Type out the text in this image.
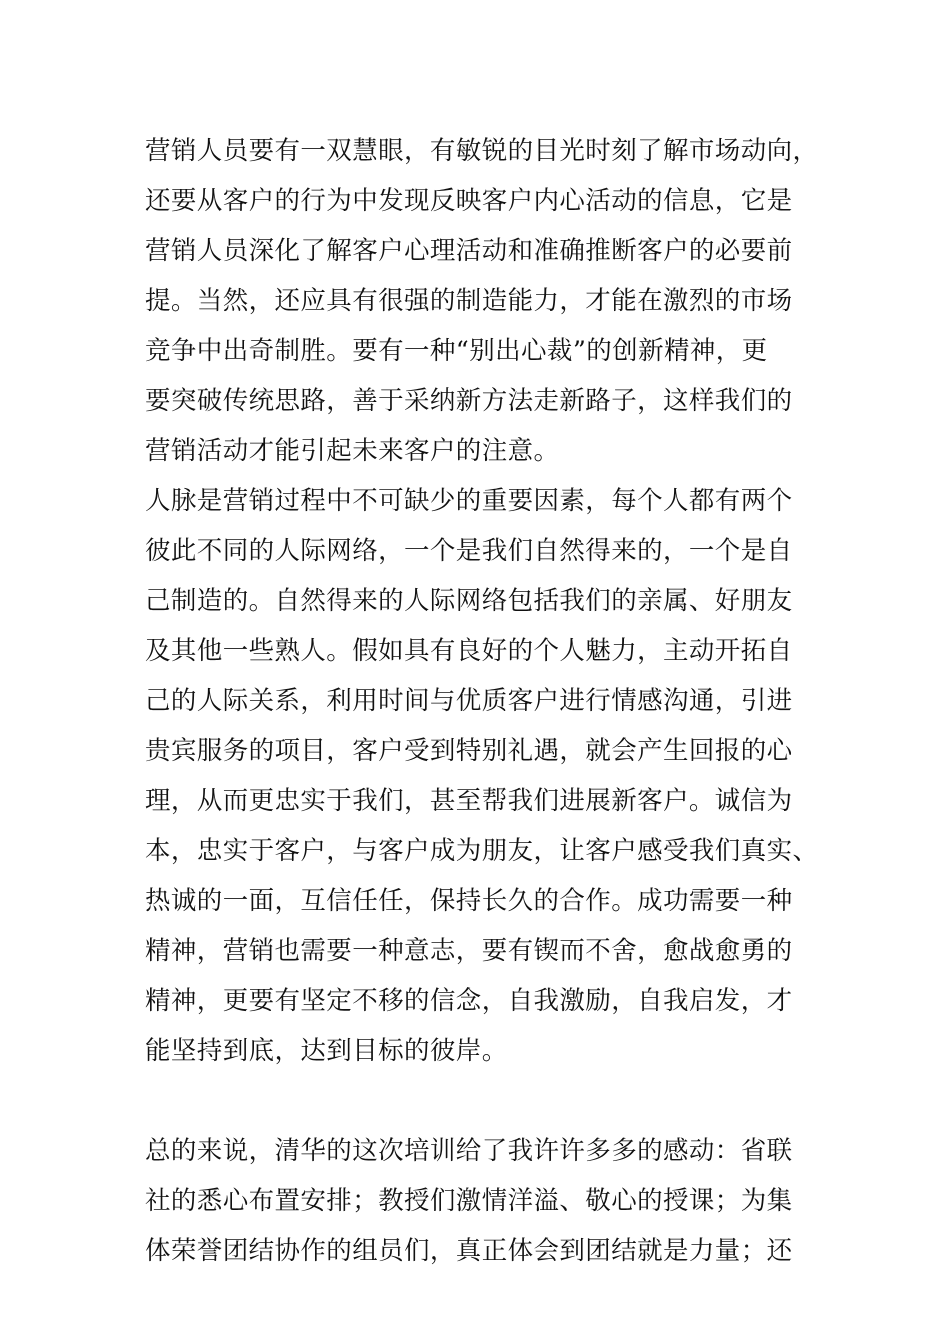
营销人员要有一双慧眼，有敏锐的目光时刻了解市场动向，
还要从客户的行为中发现反映客户内心活动的信息，它是
营销人员深化了解客户心理活动和准确推断客户的必要前
提。当然，还应具有很强的制造能力，才能在激烈的市场
竞争中出奇制胜。要有一种“别出心裁”的创新精神，更
要突破传统思路，善于采纳新方法走新路子，这样我们的
营销活动才能引起未来客户的注意。
人脉是营销过程中不可缺少的重要因素，每个人都有两个
彼此不同的人际网络，一个是我们自然得来的，一个是自
己制造的。自然得来的人际网络包括我们的亲属、好朋友
及其他一些熟人。假如具有良好的个人魅力，主动开拓自
己的人际关系，利用时间与优质客户进行情感沟通，引进
贵宾服务的项目，客户受到特别礼遇，就会产生回报的心
理，从而更忠实于我们，甚至帮我们进展新客户。诚信为
本，忠实于客户，与客户成为朋友，让客户感受我们真实、
热诚的一面，互信任任，保持长久的合作。成功需要一种
精神，营销也需要一种意志，要有锲而不舍，愈战愈勇的
精神，更要有坚定不移的信念，自我激励，自我启发，才
能坚持到底，达到目标的彼岸。
总的来说，清华的这次培训给了我许许多多的感动：省联
社的悉心布置安排；教授们激情洋溢、敬心的授课；为集
体荣誉团结协作的组员们，真正体会到团结就是力量；还
